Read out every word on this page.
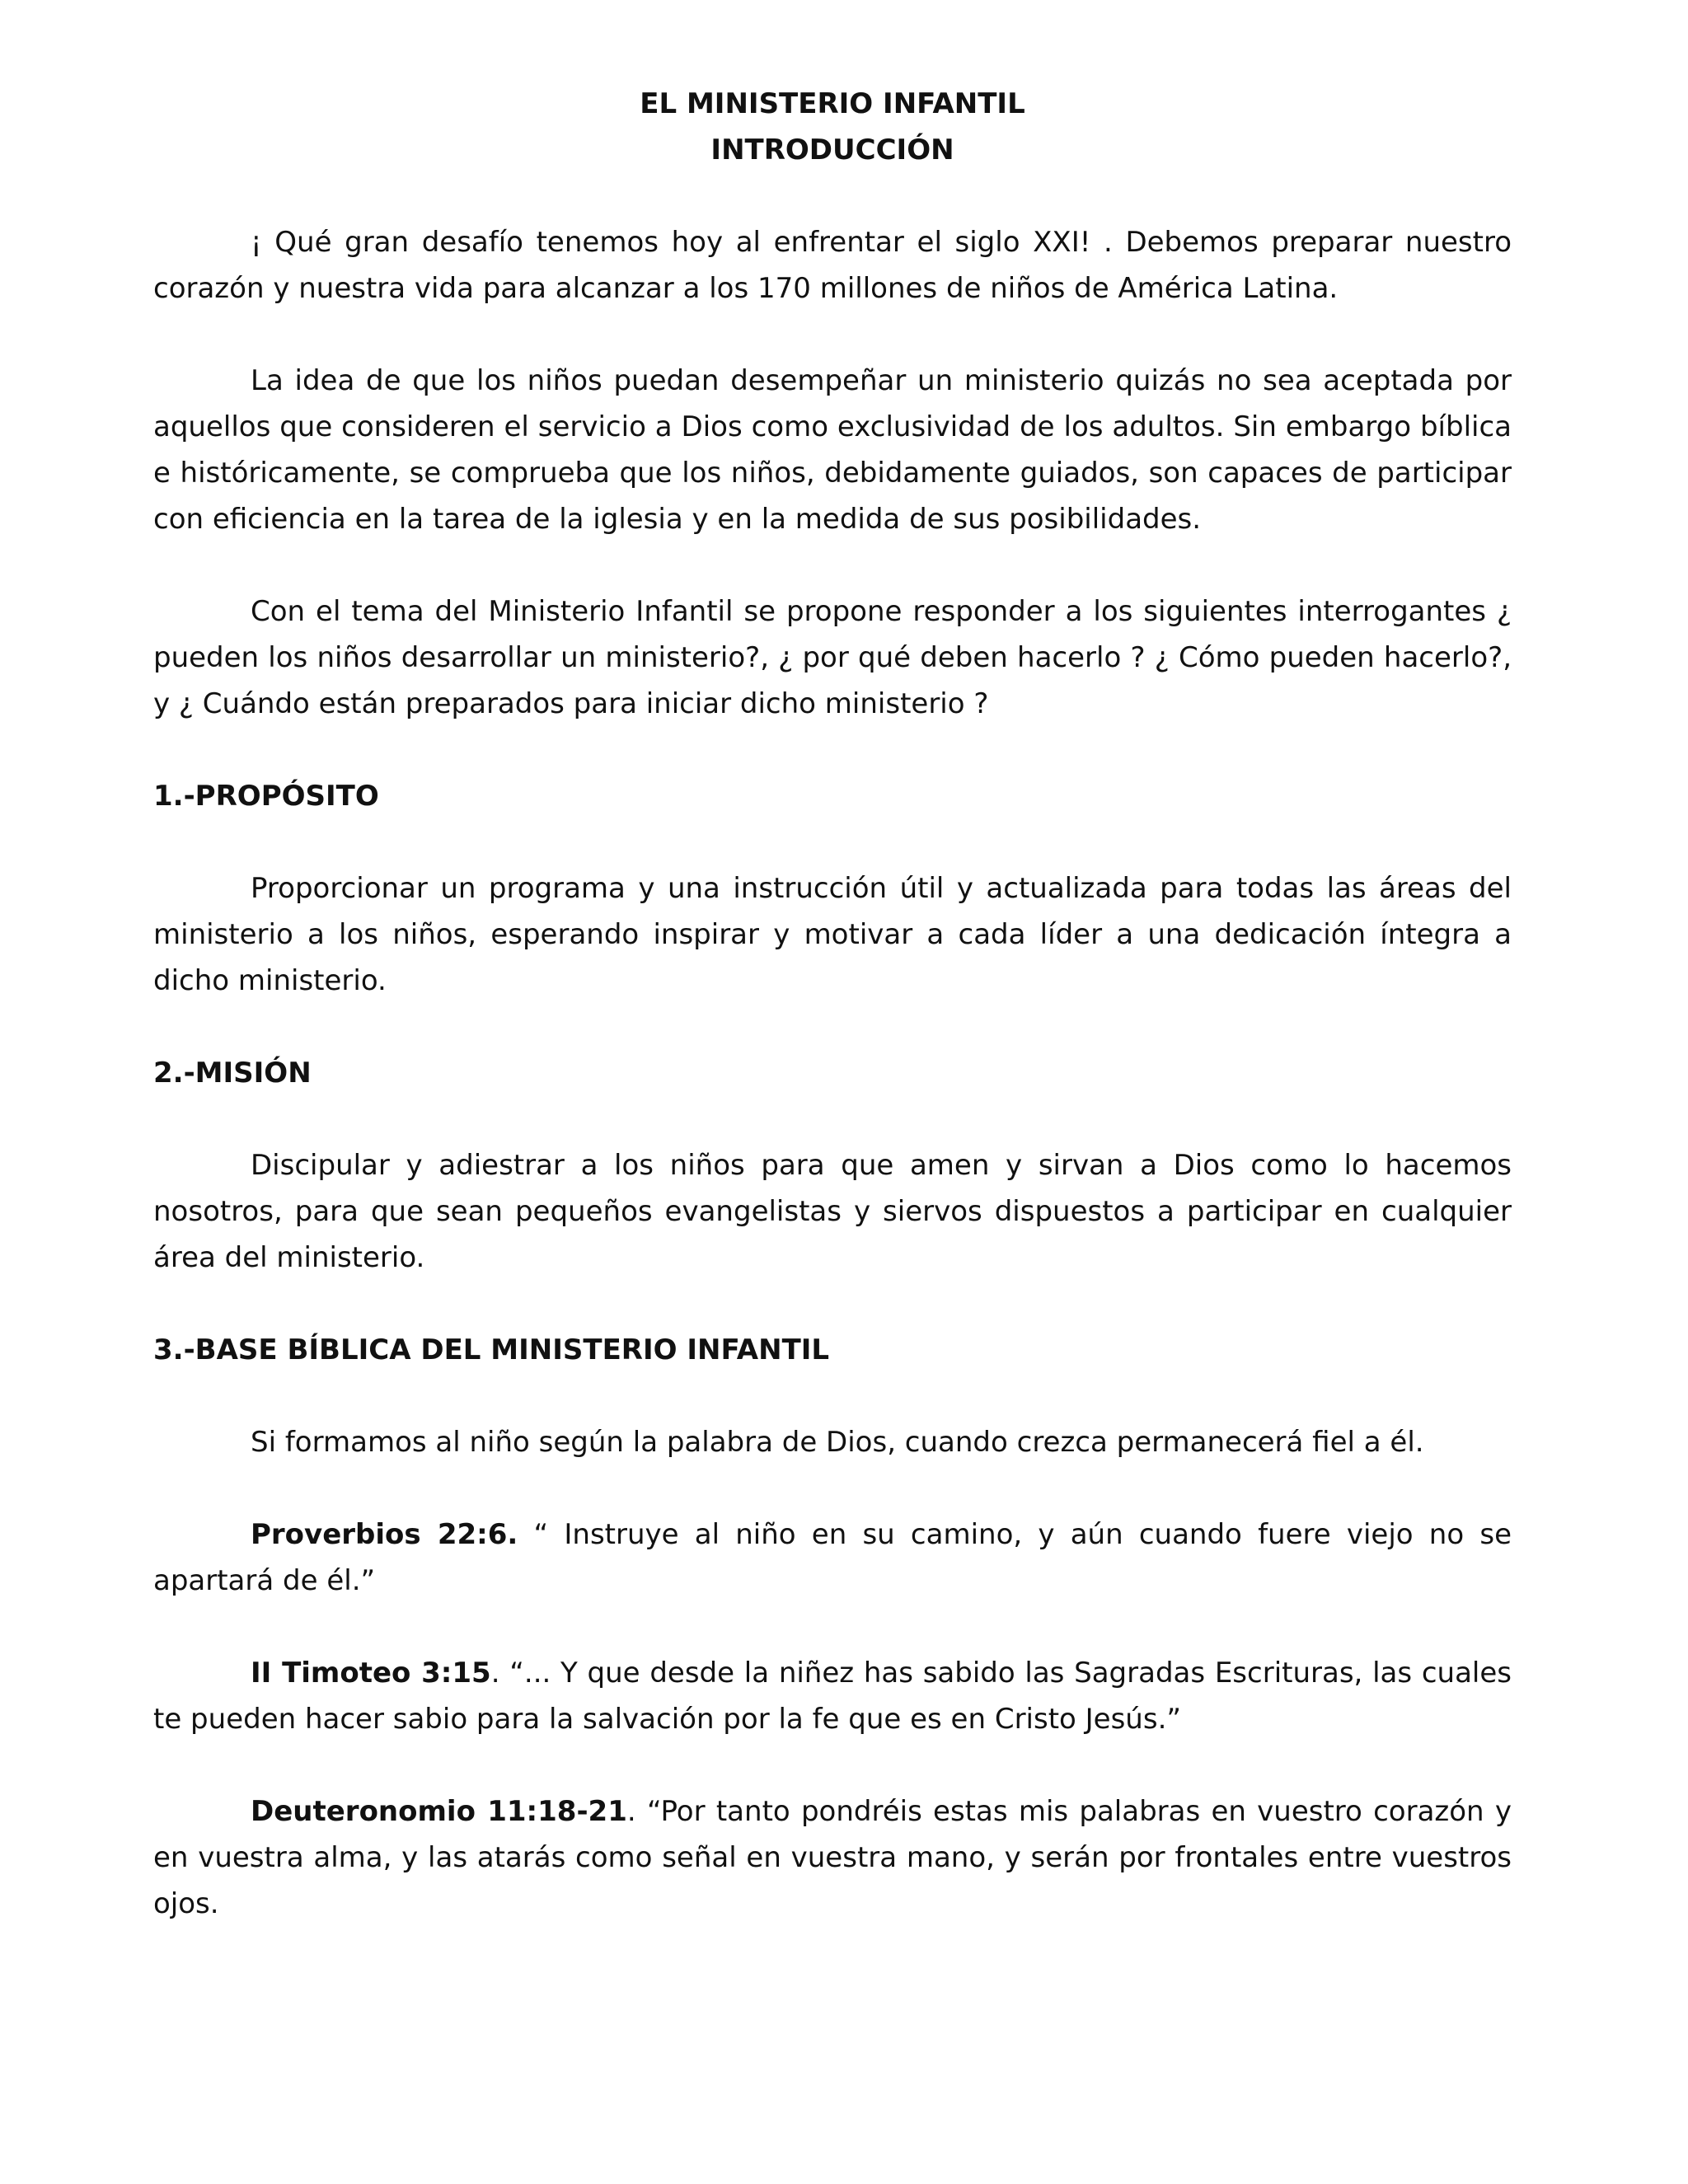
EL MINISTERIO INFANTIL
INTRODUCCIÓN

¡ Qué gran desafío tenemos hoy al enfrentar el siglo XXI! . Debemos preparar nuestro corazón y nuestra vida para alcanzar a los 170 millones de niños de América Latina.

La idea de que los niños puedan desempeñar un ministerio quizás no sea aceptada por aquellos que consideren el servicio a Dios como exclusividad de los adultos. Sin embargo bíblica e históricamente, se comprueba que los niños, debidamente guiados, son capaces de participar con eficiencia en la tarea de la iglesia y en la medida de sus posibilidades.

Con el tema del Ministerio Infantil se propone responder a los siguientes interrogantes ¿ pueden los niños desarrollar un ministerio?, ¿ por qué deben hacerlo ? ¿ Cómo pueden hacerlo?, y ¿ Cuándo están preparados para iniciar dicho ministerio ?

1.-PROPÓSITO

Proporcionar un programa y una instrucción útil y actualizada para todas las áreas del ministerio a los niños, esperando inspirar y motivar a cada líder a una dedicación íntegra a dicho ministerio.

2.-MISIÓN

Discipular y adiestrar a los niños para que amen y sirvan a Dios como lo hacemos nosotros, para que sean pequeños evangelistas y siervos dispuestos a participar en cualquier área del ministerio.

3.-BASE BÍBLICA DEL MINISTERIO INFANTIL

Si formamos al niño según la palabra de Dios, cuando crezca permanecerá fiel a él.

Proverbios 22:6. “ Instruye al niño en su camino, y aún cuando fuere viejo no se apartará de él.”

II Timoteo 3:15. “... Y que desde la niñez has sabido las Sagradas Escrituras, las cuales te pueden hacer sabio para la salvación por la fe que es en Cristo Jesús.”

Deuteronomio 11:18-21. “Por tanto pondréis estas mis palabras en vuestro corazón y en vuestra alma, y las atarás como señal en vuestra mano, y serán por frontales entre vuestros ojos.
